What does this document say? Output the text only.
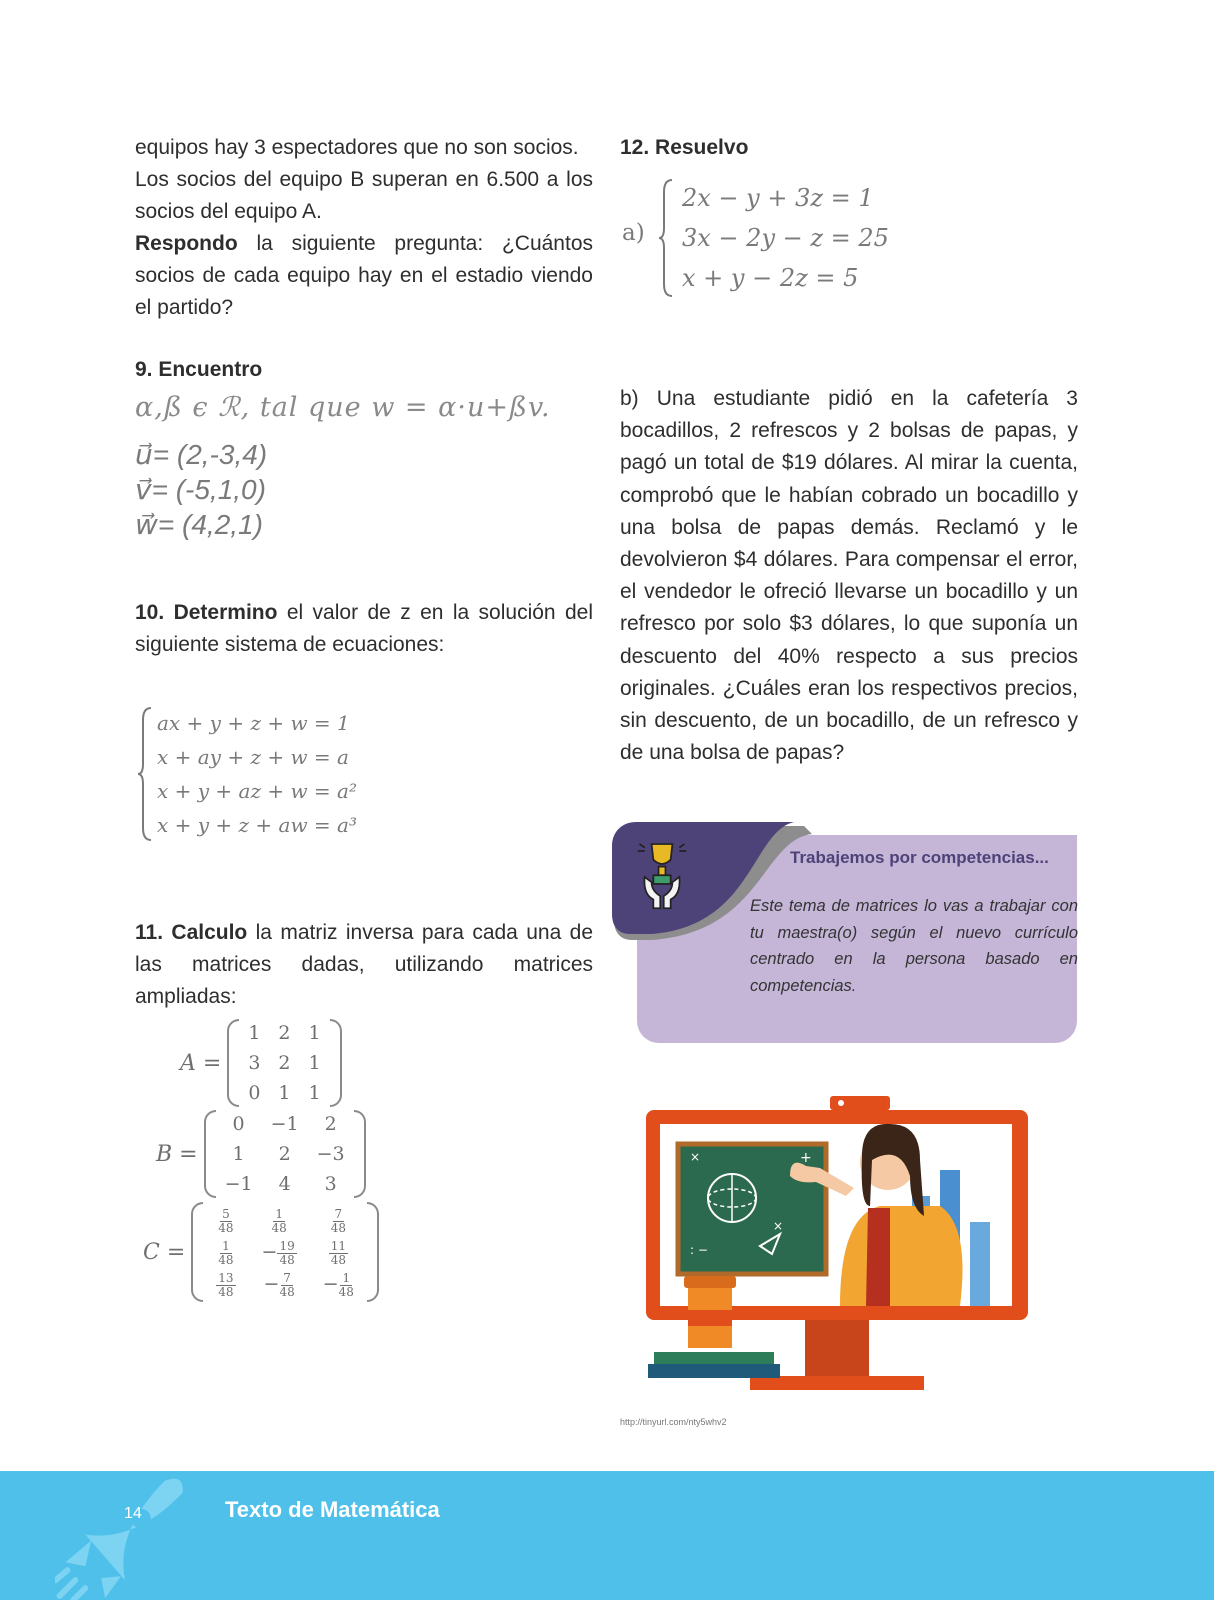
equipos hay 3 espectadores que no son socios.
Los socios del equipo B superan en 6.500 a los socios del equipo A.
Respondo la siguiente pregunta: ¿Cuántos socios de cada equipo hay en el estadio viendo el partido?
9. Encuentro
α,ß ϵ ℛ, tal que w = α·u+ßv.
u⃗= (2,-3,4)
v⃗= (-5,1,0)
w⃗= (4,2,1)
10. Determino el valor de z en la solución del siguiente sistema de ecuaciones:
ax + y + z + w = 1
x + ay + z + w = a
x + y + az + w = a²
x + y + z + aw = a³
11. Calculo la matriz inversa para cada una de las matrices dadas, utilizando matrices ampliadas:
A =
1	2	1
3	2	1
0	1	1
B =
0	−1	2
1	2	−3
−1	4	3
C =
$\frac{5}{48}$	$\frac{1}{48}$	$\frac{7}{48}$

$\frac{1}{48}$	− $\frac{19}{48}$	$\frac{11}{48}$

$\frac{13}{48}$	− $\frac{7}{48}$	− $\frac{1}{48}$
12. Resuelvo
a)
2x − y + 3z = 1
3x − 2y − z = 25
x + y − 2z = 5
b) Una estudiante pidió en la cafetería 3 bocadillos, 2 refrescos y 2 bolsas de papas, y pagó un total de $19 dólares. Al mirar la cuenta, comprobó que le habían cobrado un bocadillo y una bolsa de papas demás. Reclamó y le devolvieron $4 dólares. Para compensar el error, el vendedor le ofreció llevarse un bocadillo y un refresco por solo $3 dólares, lo que suponía un descuento del 40% respecto a sus precios originales. ¿Cuáles eran los respectivos precios, sin descuento, de un bocadillo, de un refresco y de una bolsa de papas?
Trabajemos por competencias...
Este tema de matrices lo vas a trabajar con tu maestra(o) según el nuevo currículo centrado en la persona basado en competencias.
×	+
: −
×
http://tinyurl.com/nty5whv2
14	Texto de Matemática
